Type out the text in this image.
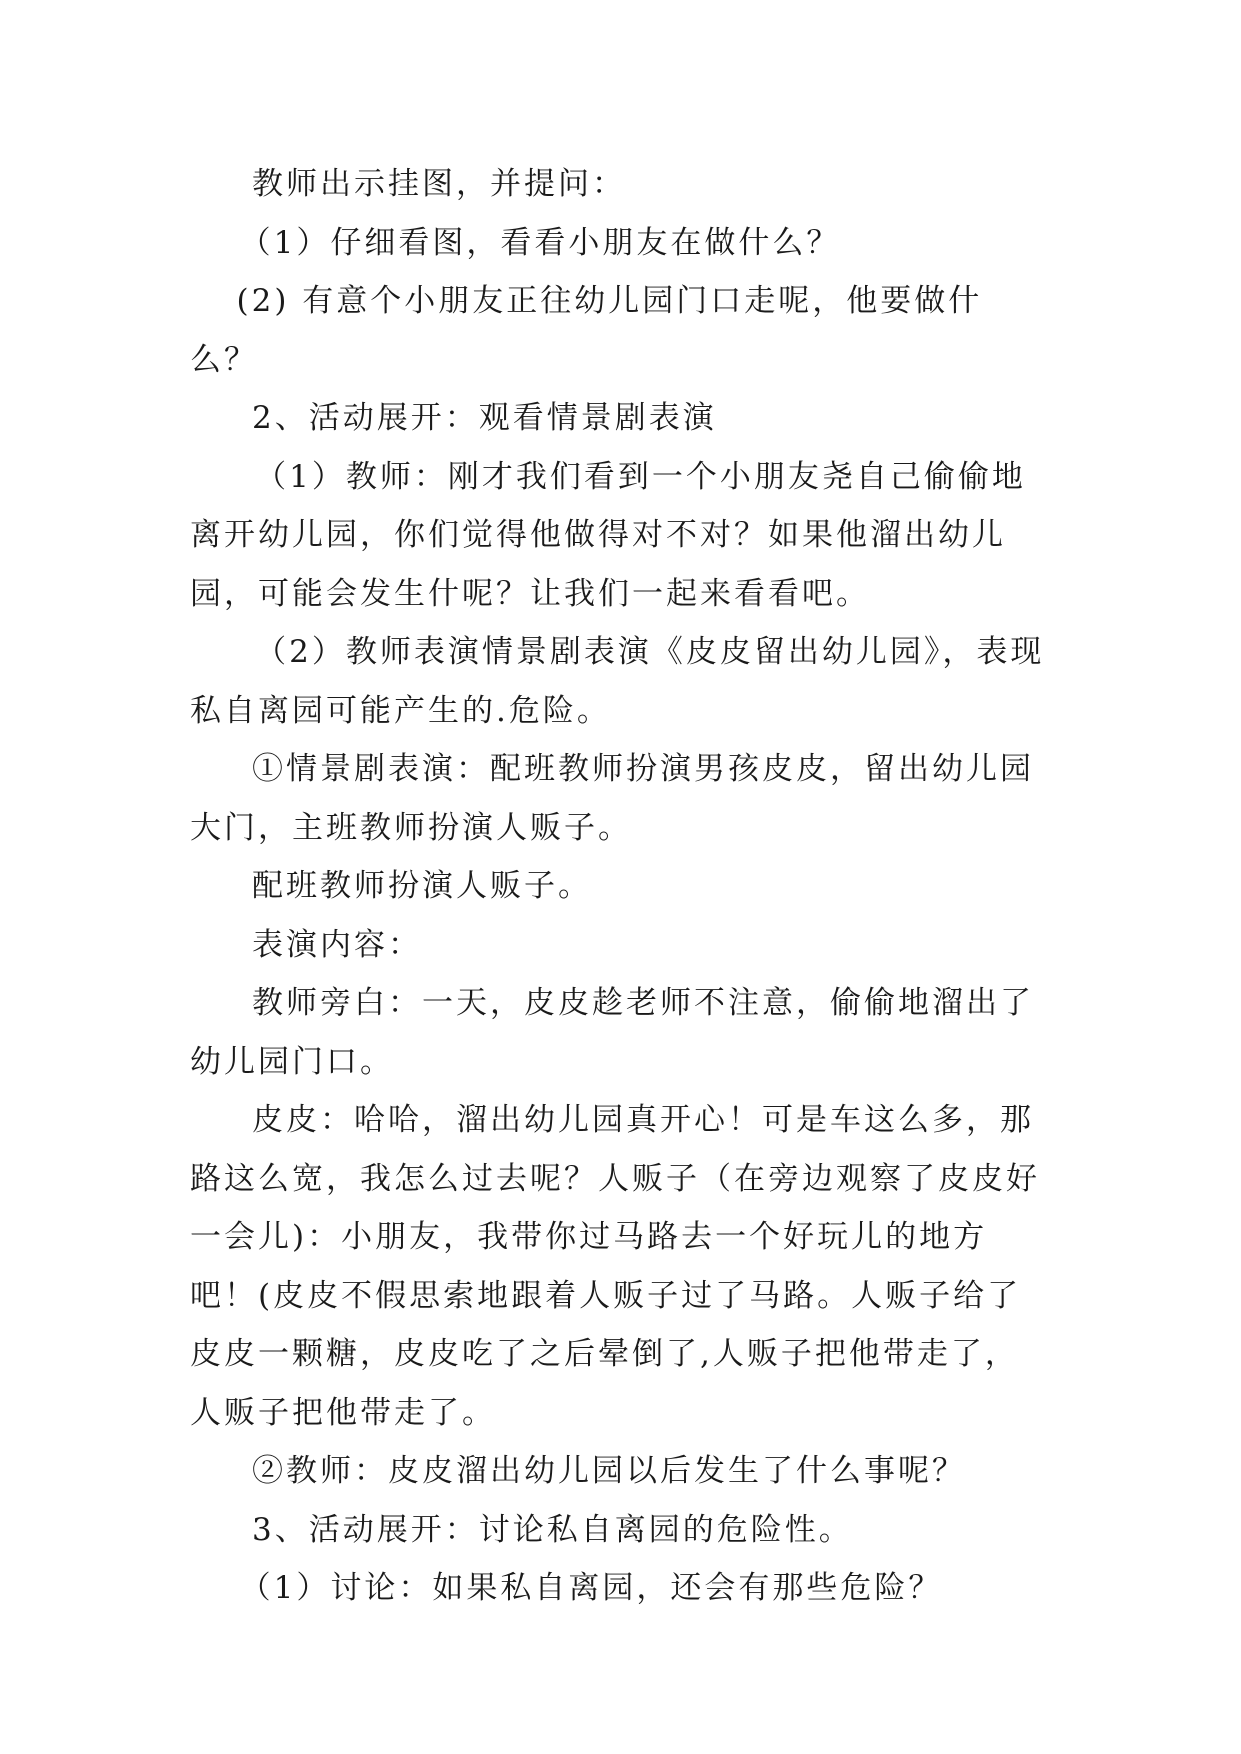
教师出示挂图，并提问：

（1）仔细看图，看看小朋友在做什么？

(2) 有意个小朋友正往幼儿园门口走呢，他要做什么？

2、活动展开：观看情景剧表演

（1）教师：刚才我们看到一个小朋友尧自己偷偷地离开幼儿园，你们觉得他做得对不对？如果他溜出幼儿园，可能会发生什呢？让我们一起来看看吧。

（2）教师表演情景剧表演《皮皮留出幼儿园》，表现私自离园可能产生的.危险。

①情景剧表演：配班教师扮演男孩皮皮，留出幼儿园大门，主班教师扮演人贩子。

配班教师扮演人贩子。

表演内容：

教师旁白：一天，皮皮趁老师不注意，偷偷地溜出了幼儿园门口。

皮皮：哈哈，溜出幼儿园真开心！可是车这么多，那路这么宽，我怎么过去呢？人贩子（在旁边观察了皮皮好一会儿)：小朋友，我带你过马路去一个好玩儿的地方吧！(皮皮不假思索地跟着人贩子过了马路。人贩子给了皮皮一颗糖，皮皮吃了之后晕倒了,人贩子把他带走了，人贩子把他带走了。

②教师：皮皮溜出幼儿园以后发生了什么事呢？

3、活动展开：讨论私自离园的危险性。

（1）讨论：如果私自离园，还会有那些危险？
